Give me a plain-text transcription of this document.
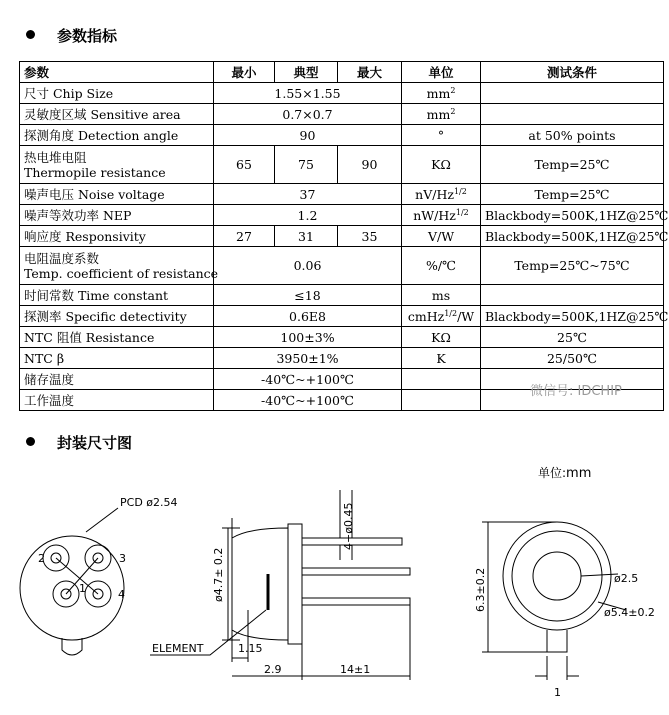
参数指标
参数	最小	典型	最大	单位	测试条件

尺寸 Chip Size	1.55×1.55			$mm^2$	

灵敏度区域 Sensitive area	0.7×0.7			$mm^2$	

探测角度 Detection angle	90			°	at 50% points

热电堆电阻
Thermopile resistance	65	75	90	KΩ	Temp=25℃

噪声电压 Noise voltage	37			$nV/Hz^{1/2}$	Temp=25℃

噪声等效功率 NEP	1.2			$nW/Hz^{1/2}$	Blackbody=500K,1HZ@25℃

响应度 Responsivity	27	31	35	V/W	Blackbody=500K,1HZ@25℃

电阻温度系数
Temp. coefficient of resistance	0.06			%/℃	Temp=25℃~75℃

时间常数 Time constant	≤18			ms	

探测率 Specific detectivity	0.6E8			cmHz$^{1/2}$/W	Blackbody=500K,1HZ@25℃

NTC 阻值 Resistance	100±3%			KΩ	25℃

NTC β	3950±1%			K	25/50℃

储存温度	-40℃~+100℃				

工作温度	-40℃~+100℃				
微信号: IDCHIP
封装尺寸图
单位:mm
PCD ø2.54
2	3
1	4	ø4.7± 0.2
4−ø0.45
ELEMENT	1.15
2.9	14±1
6.3±0.2	ø2.5
ø5.4±0.2
1
